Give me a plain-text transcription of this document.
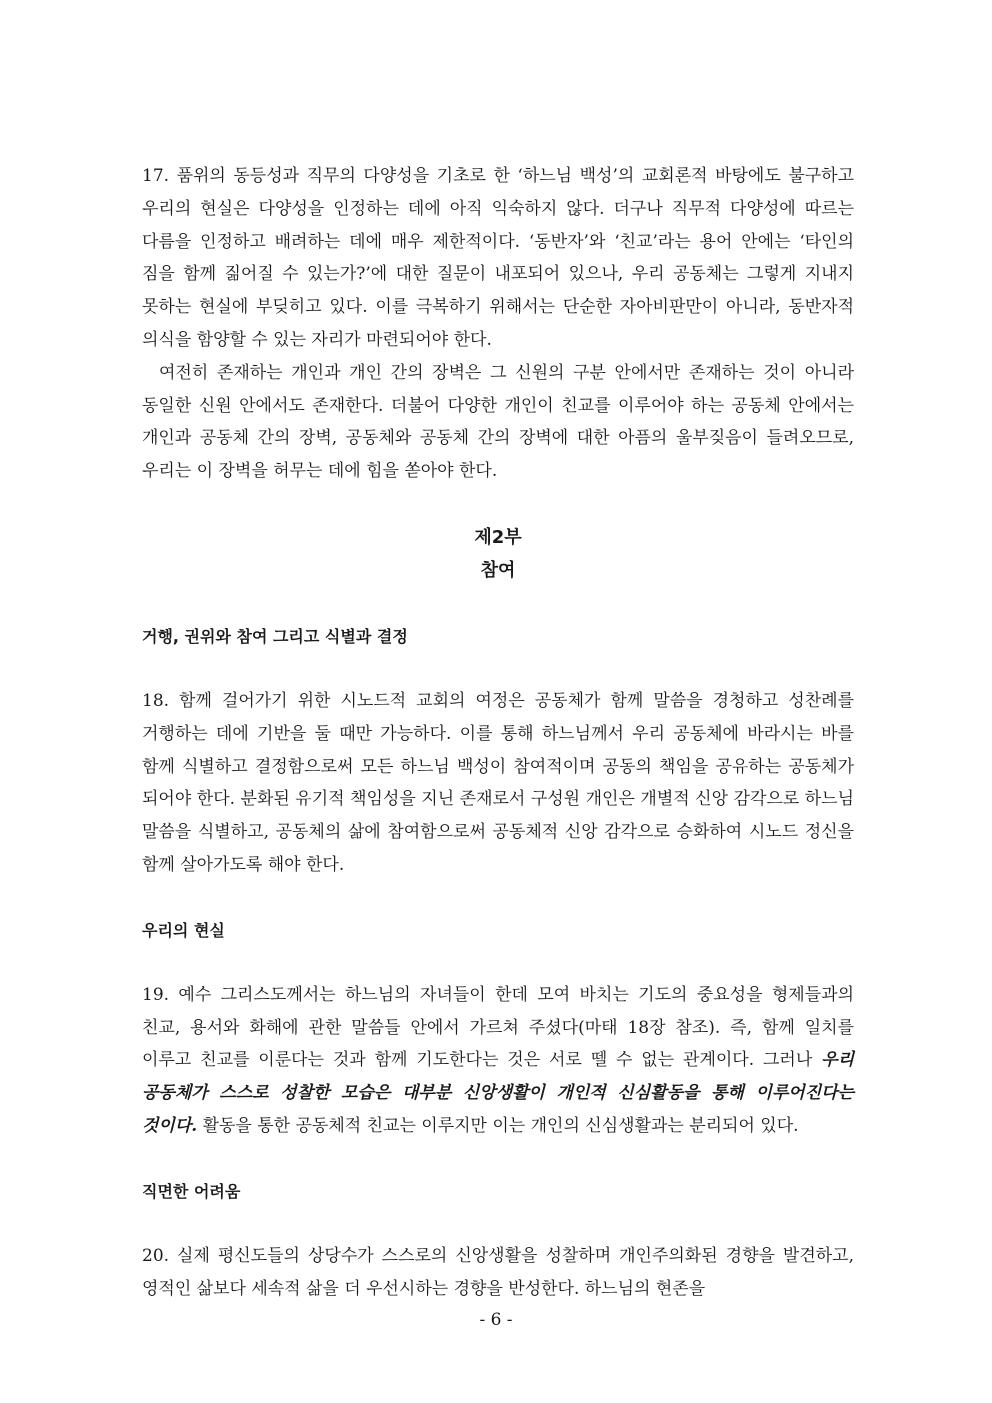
17. 품위의 동등성과 직무의 다양성을 기초로 한 ‘하느님 백성’의 교회론적 바탕에도 불구하고 우리의 현실은 다양성을 인정하는 데에 아직 익숙하지 않다. 더구나 직무적 다양성에 따르는 다름을 인정하고 배려하는 데에 매우 제한적이다. ‘동반자’와 ‘친교’라는 용어 안에는 ‘타인의 짐을 함께 짊어질 수 있는가?’에 대한 질문이 내포되어 있으나, 우리 공동체는 그렇게 지내지 못하는 현실에 부딪히고 있다. 이를 극복하기 위해서는 단순한 자아비판만이 아니라, 동반자적 의식을 함양할 수 있는 자리가 마련되어야 한다.

여전히 존재하는 개인과 개인 간의 장벽은 그 신원의 구분 안에서만 존재하는 것이 아니라 동일한 신원 안에서도 존재한다. 더불어 다양한 개인이 친교를 이루어야 하는 공동체 안에서는 개인과 공동체 간의 장벽, 공동체와 공동체 간의 장벽에 대한 아픔의 울부짖음이 들려오므로, 우리는 이 장벽을 허무는 데에 힘을 쏟아야 한다.

제2부
참여

거행, 권위와 참여 그리고 식별과 결정

18. 함께 걸어가기 위한 시노드적 교회의 여정은 공동체가 함께 말씀을 경청하고 성찬례를 거행하는 데에 기반을 둘 때만 가능하다. 이를 통해 하느님께서 우리 공동체에 바라시는 바를 함께 식별하고 결정함으로써 모든 하느님 백성이 참여적이며 공동의 책임을 공유하는 공동체가 되어야 한다. 분화된 유기적 책임성을 지닌 존재로서 구성원 개인은 개별적 신앙 감각으로 하느님 말씀을 식별하고, 공동체의 삶에 참여함으로써 공동체적 신앙 감각으로 승화하여 시노드 정신을 함께 살아가도록 해야 한다.

우리의 현실

19. 예수 그리스도께서는 하느님의 자녀들이 한데 모여 바치는 기도의 중요성을 형제들과의 친교, 용서와 화해에 관한 말씀들 안에서 가르쳐 주셨다(마태 18장 참조). 즉, 함께 일치를 이루고 친교를 이룬다는 것과 함께 기도한다는 것은 서로 뗄 수 없는 관계이다. 그러나 우리 공동체가 스스로 성찰한 모습은 대부분 신앙생활이 개인적 신심활동을 통해 이루어진다는 것이다. 활동을 통한 공동체적 친교는 이루지만 이는 개인의 신심생활과는 분리되어 있다.

직면한 어려움

20. 실제 평신도들의 상당수가 스스로의 신앙생활을 성찰하며 개인주의화된 경향을 발견하고, 영적인 삶보다 세속적 삶을 더 우선시하는 경향을 반성한다. 하느님의 현존을

- 6 -
